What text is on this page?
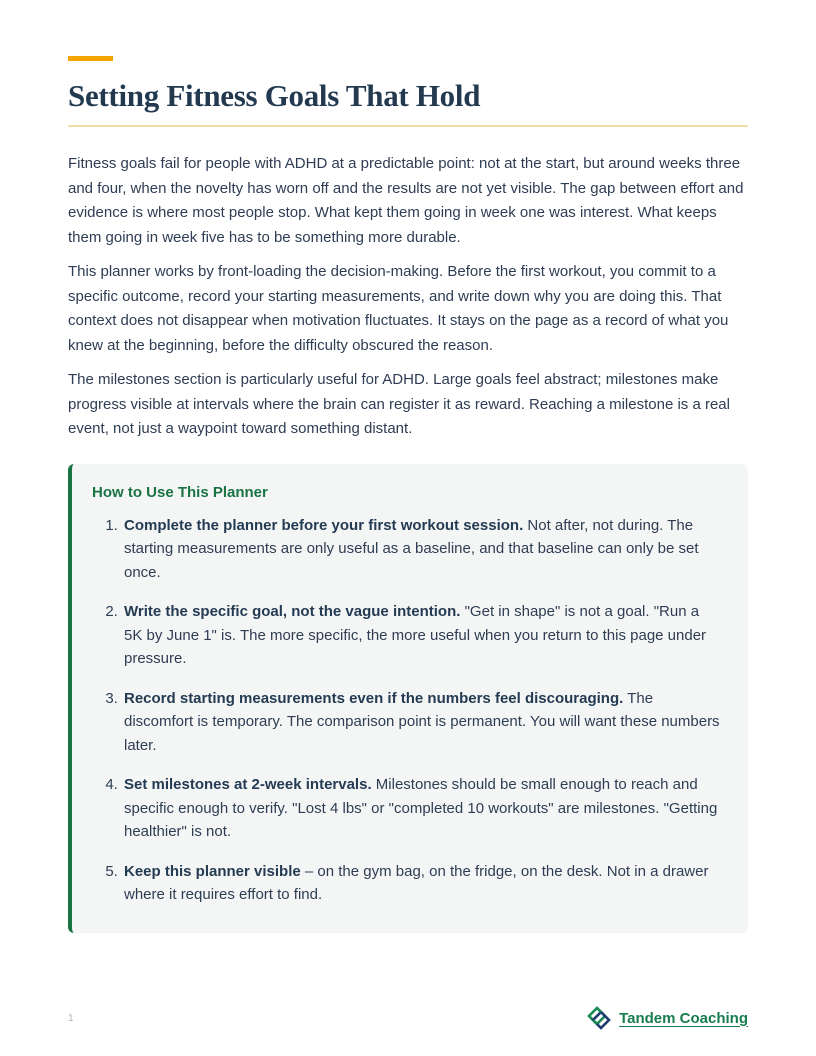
Setting Fitness Goals That Hold

Fitness goals fail for people with ADHD at a predictable point: not at the start, but around weeks three and four, when the novelty has worn off and the results are not yet visible. The gap between effort and evidence is where most people stop. What kept them going in week one was interest. What keeps them going in week five has to be something more durable.

This planner works by front-loading the decision-making. Before the first workout, you commit to a specific outcome, record your starting measurements, and write down why you are doing this. That context does not disappear when motivation fluctuates. It stays on the page as a record of what you knew at the beginning, before the difficulty obscured the reason.

The milestones section is particularly useful for ADHD. Large goals feel abstract; milestones make progress visible at intervals where the brain can register it as reward. Reaching a milestone is a real event, not just a waypoint toward something distant.

How to Use This Planner
1. Complete the planner before your first workout session. Not after, not during. The starting measurements are only useful as a baseline, and that baseline can only be set once.
2. Write the specific goal, not the vague intention. "Get in shape" is not a goal. "Run a 5K by June 1" is. The more specific, the more useful when you return to this page under pressure.
3. Record starting measurements even if the numbers feel discouraging. The discomfort is temporary. The comparison point is permanent. You will want these numbers later.
4. Set milestones at 2-week intervals. Milestones should be small enough to reach and specific enough to verify. "Lost 4 lbs" or "completed 10 workouts" are milestones. "Getting healthier" is not.
5. Keep this planner visible – on the gym bag, on the fridge, on the desk. Not in a drawer where it requires effort to find.
1	Tandem Coaching
